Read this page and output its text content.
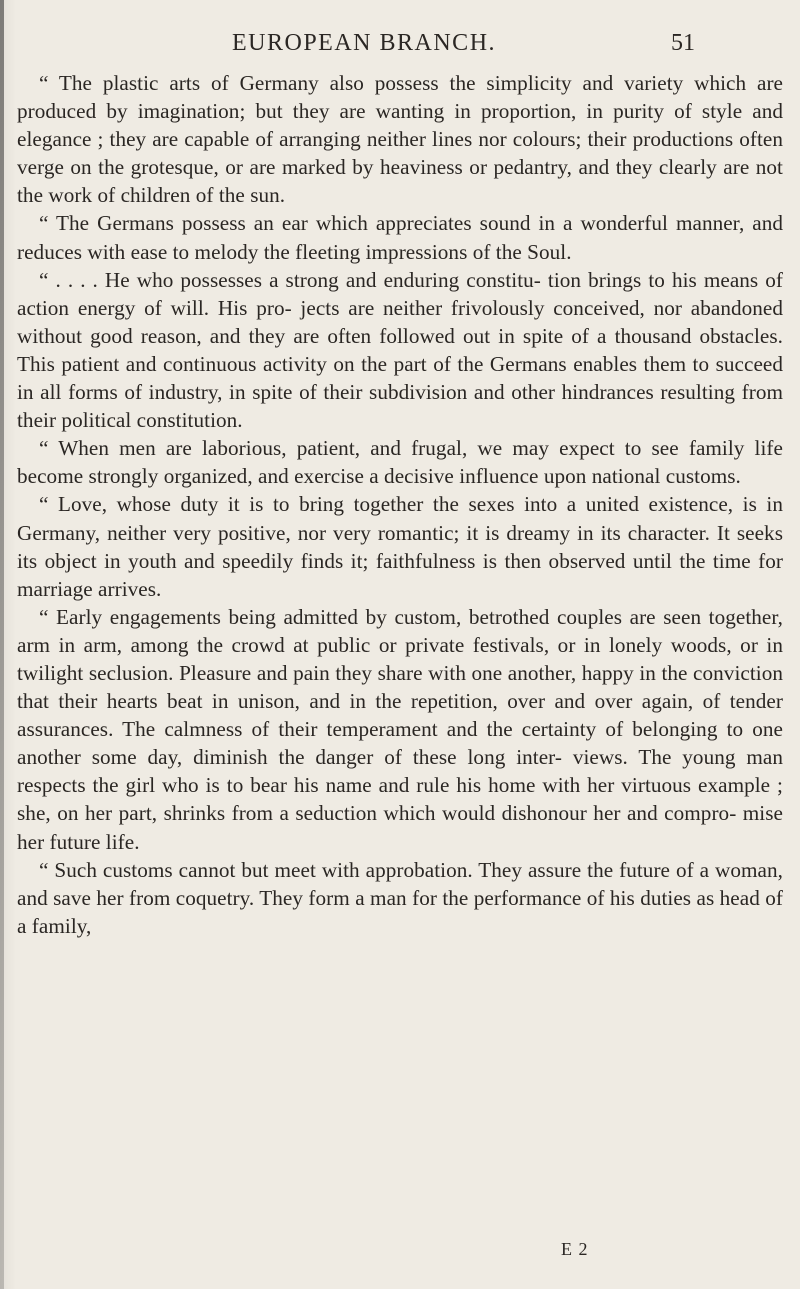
EUROPEAN BRANCH.	51

“ The plastic arts of Germany also possess the simplicity and variety which are produced by imagination; but they are wanting in proportion, in purity of style and elegance ; they are capable of arranging neither lines nor colours; their productions often verge on the grotesque, or are marked by heaviness or pedantry, and they clearly are not the work of children of the sun.

“ The Germans possess an ear which appreciates sound in a wonderful manner, and reduces with ease to melody the fleeting impressions of the Soul.

“ . . . . He who possesses a strong and enduring constitu- tion brings to his means of action energy of will. His pro- jects are neither frivolously conceived, nor abandoned without good reason, and they are often followed out in spite of a thousand obstacles. This patient and continuous activity on the part of the Germans enables them to succeed in all forms of industry, in spite of their subdivision and other hindrances resulting from their political constitution.

“ When men are laborious, patient, and frugal, we may expect to see family life become strongly organized, and exercise a decisive influence upon national customs.

“ Love, whose duty it is to bring together the sexes into a united existence, is in Germany, neither very positive, nor very romantic; it is dreamy in its character. It seeks its object in youth and speedily finds it; faithfulness is then observed until the time for marriage arrives.

“ Early engagements being admitted by custom, betrothed couples are seen together, arm in arm, among the crowd at public or private festivals, or in lonely woods, or in twilight seclusion. Pleasure and pain they share with one another, happy in the conviction that their hearts beat in unison, and in the repetition, over and over again, of tender assurances. The calmness of their temperament and the certainty of belonging to one another some day, diminish the danger of these long inter- views. The young man respects the girl who is to bear his name and rule his home with her virtuous example ; she, on her part, shrinks from a seduction which would dishonour her and compro- mise her future life.

“ Such customs cannot but meet with approbation. They assure the future of a woman, and save her from coquetry. They form a man for the performance of his duties as head of a family,

E 2
